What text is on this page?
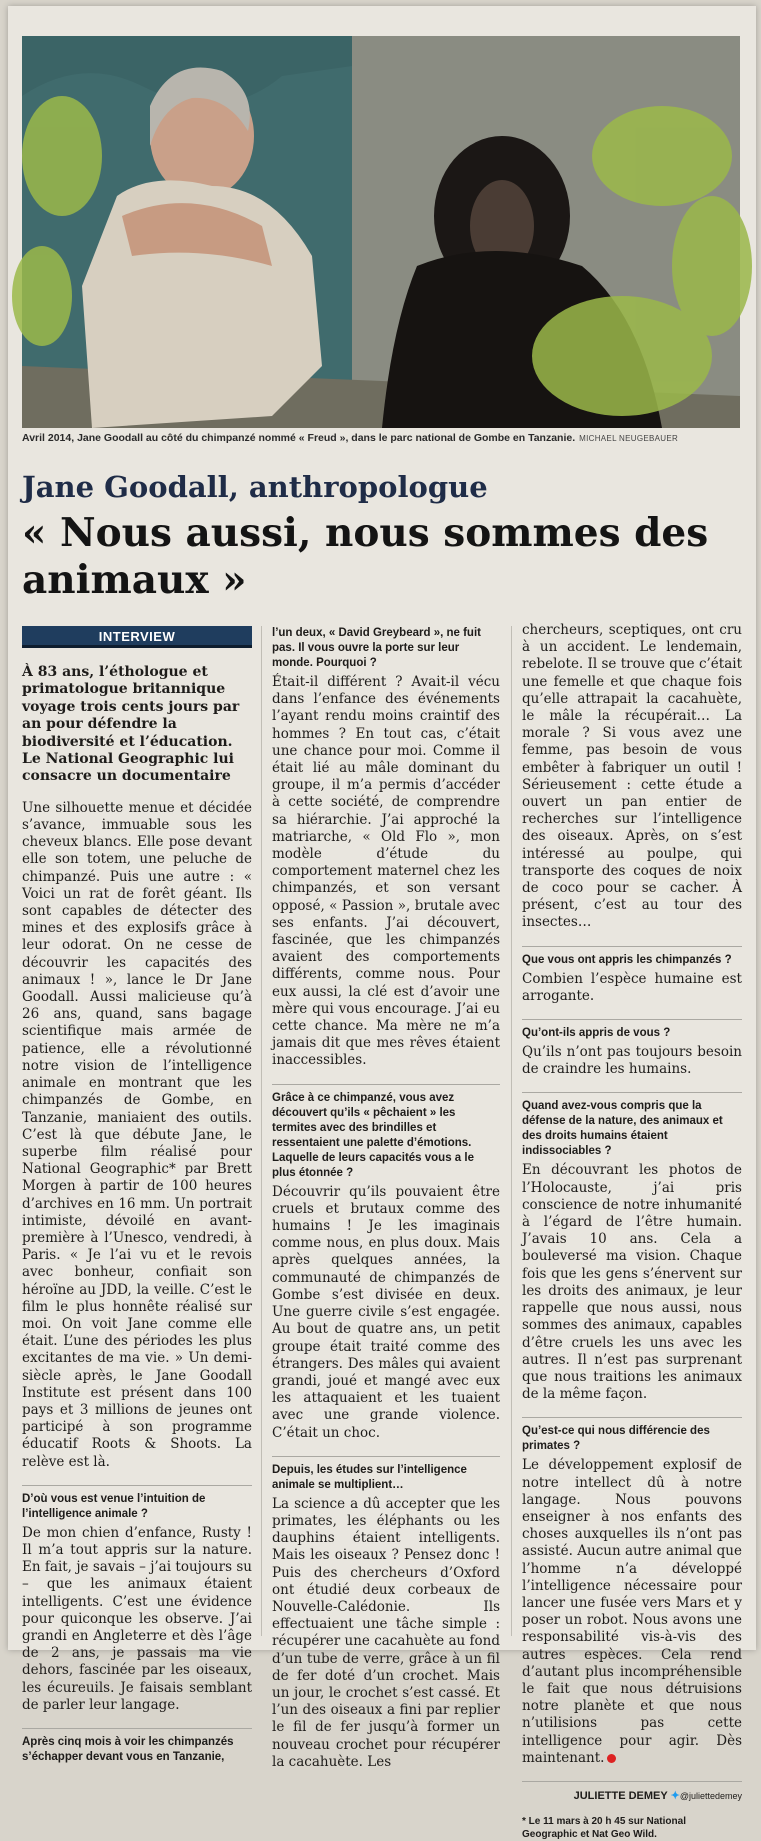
Avril 2014, Jane Goodall au côté du chimpanzé nommé « Freud », dans le parc national de Gombe en Tanzanie. MICHAEL NEUGEBAUER
Jane Goodall, anthropologue
« Nous aussi, nous sommes des animaux »
INTERVIEW
À 83 ans, l’éthologue et primatologue britannique voyage trois cents jours par an pour défendre la biodiversité et l’éducation. Le National Geographic lui consacre un documentaire

Une silhouette menue et décidée s’avance, immuable sous les cheveux blancs. Elle pose devant elle son totem, une peluche de chimpanzé. Puis une autre : « Voici un rat de forêt géant. Ils sont capables de détecter des mines et des explosifs grâce à leur odorat. On ne cesse de découvrir les capacités des animaux ! », lance le Dr Jane Goodall. Aussi malicieuse qu’à 26 ans, quand, sans bagage scientifique mais armée de patience, elle a révolutionné notre vision de l’intelligence animale en montrant que les chimpanzés de Gombe, en Tanzanie, maniaient des outils. C’est là que débute Jane, le superbe film réalisé pour National Geographic* par Brett Morgen à partir de 100 heures d’archives en 16 mm. Un portrait intimiste, dévoilé en avant-première à l’Unesco, vendredi, à Paris. « Je l’ai vu et le revois avec bonheur, confiait son héroïne au JDD, la veille. C’est le film le plus honnête réalisé sur moi. On voit Jane comme elle était. L’une des périodes les plus excitantes de ma vie. » Un demi-siècle après, le Jane Goodall Institute est présent dans 100 pays et 3 millions de jeunes ont participé à son programme éducatif Roots & Shoots. La relève est là.

D’où vous est venue l’intuition de l’intelligence animale ?

De mon chien d’enfance, Rusty ! Il m’a tout appris sur la nature. En fait, je savais – j’ai toujours su – que les animaux étaient intelligents. C’est une évidence pour quiconque les observe. J’ai grandi en Angleterre et dès l’âge de 2 ans, je passais ma vie dehors, fascinée par les oiseaux, les écureuils. Je faisais semblant de parler leur langage.

Après cinq mois à voir les chimpanzés s’échapper devant vous en Tanzanie,
l’un deux, « David Greybeard », ne fuit pas. Il vous ouvre la porte sur leur monde. Pourquoi ?

Était-il différent ? Avait-il vécu dans l’enfance des événements l’ayant rendu moins craintif des hommes ? En tout cas, c’était une chance pour moi. Comme il était lié au mâle dominant du groupe, il m’a permis d’accéder à cette société, de comprendre sa hiérarchie. J’ai approché la matriarche, « Old Flo », mon modèle d’étude du comportement maternel chez les chimpanzés, et son versant opposé, « Passion », brutale avec ses enfants. J’ai découvert, fascinée, que les chimpanzés avaient des comportements différents, comme nous. Pour eux aussi, la clé est d’avoir une mère qui vous encourage. J’ai eu cette chance. Ma mère ne m’a jamais dit que mes rêves étaient inaccessibles.

Grâce à ce chimpanzé, vous avez découvert qu’ils « pêchaient » les termites avec des brindilles et ressentaient une palette d’émotions. Laquelle de leurs capacités vous a le plus étonnée ?

Découvrir qu’ils pouvaient être cruels et brutaux comme des humains ! Je les imaginais comme nous, en plus doux. Mais après quelques années, la communauté de chimpanzés de Gombe s’est divisée en deux. Une guerre civile s’est engagée. Au bout de quatre ans, un petit groupe était traité comme des étrangers. Des mâles qui avaient grandi, joué et mangé avec eux les attaquaient et les tuaient avec une grande violence. C’était un choc.

Depuis, les études sur l’intelligence animale se multiplient…

La science a dû accepter que les primates, les éléphants ou les dauphins étaient intelligents. Mais les oiseaux ? Pensez donc ! Puis des chercheurs d’Oxford ont étudié deux corbeaux de Nouvelle-Calédonie. Ils effectuaient une tâche simple : récupérer une cacahuète au fond d’un tube de verre, grâce à un fil de fer doté d’un crochet. Mais un jour, le crochet s’est cassé. Et l’un des oiseaux a fini par replier le fil de fer jusqu’à former un nouveau crochet pour récupérer la cacahuète. Les

chercheurs, sceptiques, ont cru à un accident. Le lendemain, rebelote. Il se trouve que c’était une femelle et que chaque fois qu’elle attrapait la cacahuète, le mâle la récupérait… La morale ? Si vous avez une femme, pas besoin de vous embêter à fabriquer un outil ! Sérieusement : cette étude a ouvert un pan entier de recherches sur l’intelligence des oiseaux. Après, on s’est intéressé au poulpe, qui transporte des coques de noix de coco pour se cacher. À présent, c’est au tour des insectes…

Que vous ont appris les chimpanzés ?

Combien l’espèce humaine est arrogante.

Qu’ont-ils appris de vous ?

Qu’ils n’ont pas toujours besoin de craindre les humains.

Quand avez-vous compris que la défense de la nature, des animaux et des droits humains étaient indissociables ?

En découvrant les photos de l’Holocauste, j’ai pris conscience de notre inhumanité à l’égard de l’être humain. J’avais 10 ans. Cela a bouleversé ma vision. Chaque fois que les gens s’énervent sur les droits des animaux, je leur rappelle que nous aussi, nous sommes des animaux, capables d’être cruels les uns avec les autres. Il n’est pas surprenant que nous traitions les animaux de la même façon.

Qu’est-ce qui nous différencie des primates ?

Le développement explosif de notre intellect dû à notre langage. Nous pouvons enseigner à nos enfants des choses auxquelles ils n’ont pas assisté. Aucun autre animal que l’homme n’a développé l’intelligence nécessaire pour lancer une fusée vers Mars et y poser un robot. Nous avons une responsabilité vis-à-vis des autres espèces. Cela rend d’autant plus incompréhensible le fait que nous détruisions notre planète et que nous n’utilisions pas cette intelligence pour agir. Dès maintenant.

JULIETTE DEMEY ✦@juliettedemey
* Le 11 mars à 20 h 45 sur National Geographic et Nat Geo Wild.
